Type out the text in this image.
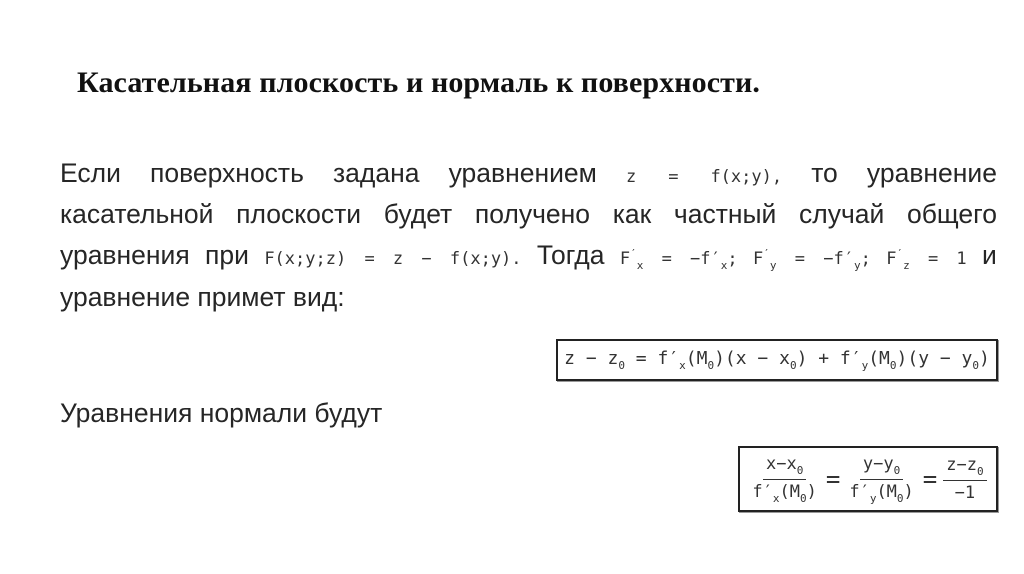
Касательная плоскость и нормаль к поверхности.
Если поверхность задана уравнением z = f(x;y), то уравнение
касательной плоскости будет получено как частный случай общего
уравнения при F(x;y;z) = z − f(x;y). Тогда $F'_x = -f'_x$; $F'_y = -f'_y$; $F'_z = 1$ и
уравнение примет вид:
$z - z_0 = f'_x(M_0)(x - x_0) + f'_y(M_0)(y - y_0)$
Уравнения нормали будут
$\frac{x-x_0}{f'_x(M_0)} = \frac{y-y_0}{f'_y(M_0)} = \frac{z-z_0}{-1}$
